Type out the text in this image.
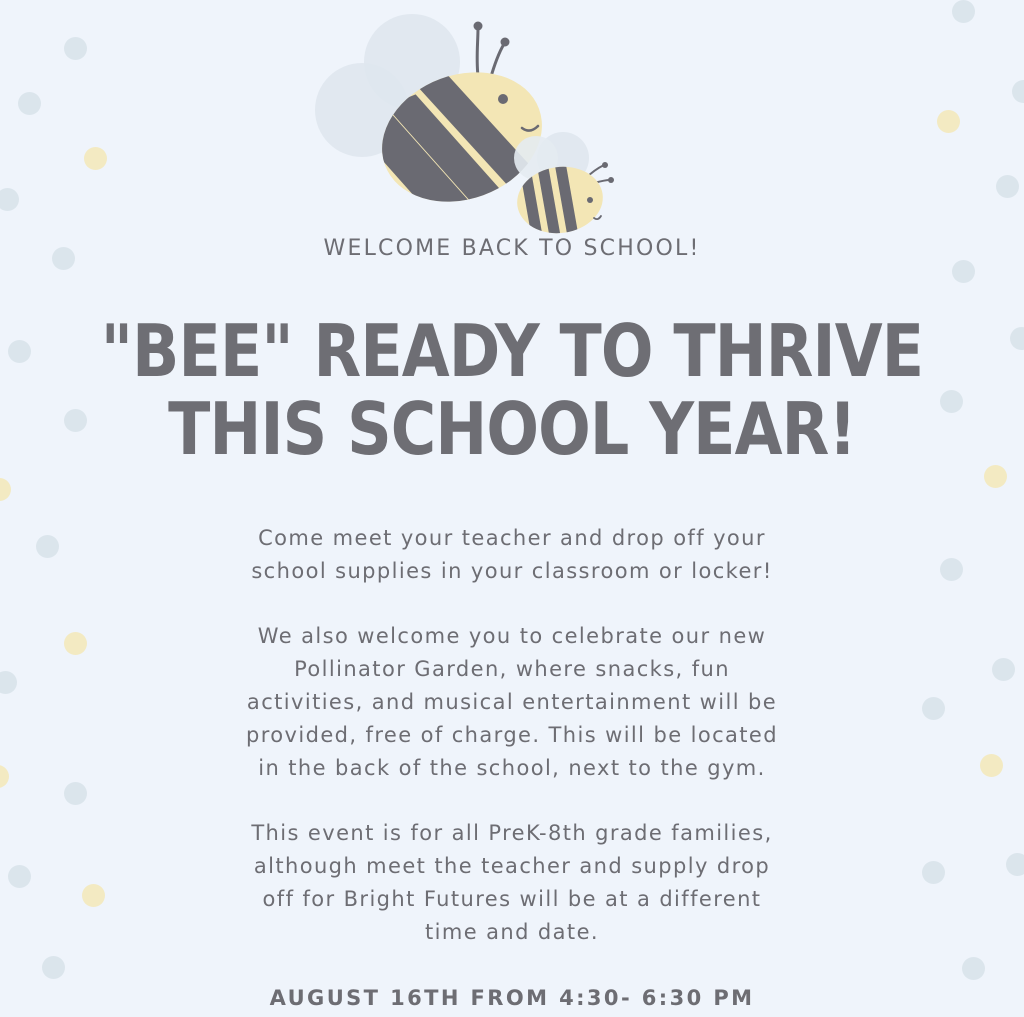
WELCOME BACK TO SCHOOL!
"BEE" READY TO THRIVE
THIS SCHOOL YEAR!
Come meet your teacher and drop off your
school supplies in your classroom or locker!
We also welcome you to celebrate our new
Pollinator Garden, where snacks, fun
activities, and musical entertainment will be
provided, free of charge. This will be located
in the back of the school, next to the gym.
This event is for all PreK-8th grade families,
although meet the teacher and supply drop
off for Bright Futures will be at a different
time and date.
AUGUST 16TH FROM 4:30- 6:30 PM
